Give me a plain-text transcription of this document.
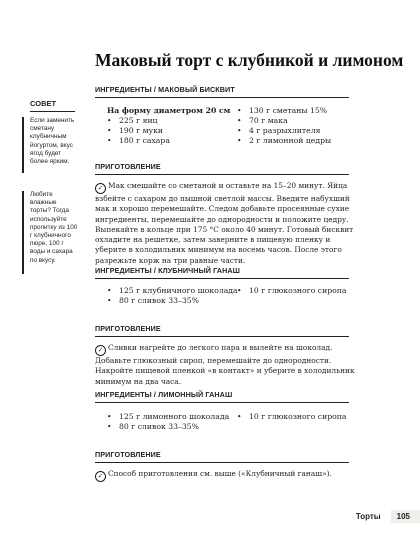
Маковый торт с клубникой и лимоном
СОВЕТ
Если заменить сметану клубничным йогуртом, вкус ягод будет более ярким.
Любите влажные торты? Тогда используйте пропитку из 100 г клубничного пюре, 100 г воды и сахара по вкусу.
ИНГРЕДИЕНТЫ / МАКОВЫЙ БИСКВИТ
На форму диаметром 20 см
• 225 г яиц
• 190 г муки
• 180 г сахара
• 130 г сметаны 15%
• 70 г мака
• 4 г разрыхлителя
• 2 г лимонной цедры
ПРИГОТОВЛЕНИЕ
✓ Мак смешайте со сметаной и оставьте на 15–20 минут. Яйца взбейте с сахаром до пышной светлой массы. Введите набухший мак и хорошо перемешайте. Следом добавьте просеянные сухие ингредиенты, перемешайте до однородности и положите цедру. Выпекайте в кольце при 175 °С около 40 минут. Готовый бисквит охладите на решетке, затем заверните в пищевую пленку и уберите в холодильник минимум на восемь часов. После этого разрежьте корж на три равные части.
ИНГРЕДИЕНТЫ / КЛУБНИЧНЫЙ ГАНАШ
• 125 г клубничного шоколада
• 80 г сливок 33–35%
• 10 г глюкозного сиропа
ПРИГОТОВЛЕНИЕ
✓ Сливки нагрейте до легкого пара и вылейте на шоколад. Добавьте глюкозный сироп, перемешайте до однородности. Накройте пищевой пленкой «в контакт» и уберите в холодильник минимум на два часа.
ИНГРЕДИЕНТЫ / ЛИМОННЫЙ ГАНАШ
• 125 г лимонного шоколада
• 80 г сливок 33–35%
• 10 г глюкозного сиропа
ПРИГОТОВЛЕНИЕ
✓ Способ приготовления см. выше («Клубничный ганаш»).
Торты	105
